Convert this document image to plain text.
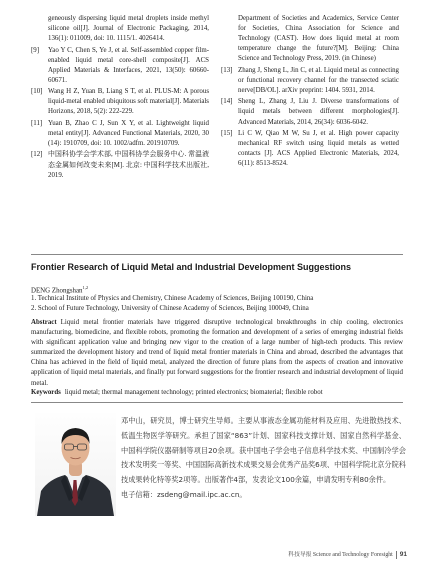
geneously dispersing liquid metal droplets inside methyl silicone oil[J]. Journal of Electronic Packaging, 2014, 136(1): 011009, doi: 10. 1115/1. 4026414.
[9]	Yao Y C, Chen S, Ye J, et al. Self-assembled copper film-enabled liquid metal core-shell composite[J]. ACS Applied Materials & Interfaces, 2021, 13(50): 60660-60671.
[10] Wang H Z, Yuan B, Liang S T, et al. PLUS-M: A porous liquid-metal enabled ubiquitous soft material[J]. Materials Horizons, 2018, 5(2): 222-229.
[11] Yuan B, Zhao C J, Sun X Y, et al. Lightweight liquid metal entity[J]. Advanced Functional Materials, 2020, 30 (14): 1910709, doi: 10. 1002/adfm. 201910709.
[12] 中国科协学会学术部, 中国科协学会服务中心. 常温液态金属如何改变未来[M]. 北京: 中国科学技术出版社, 2019.
Department of Societies and Academics, Service Center for Societies, China Association for Science and Technology (CAST). How does liquid metal at room temperature change the future?[M]. Beijing: China Science and Technology Press, 2019. (in Chinese)
[13] Zhang J, Sheng L, Jin C, et al. Liquid metal as connecting or functional recovery channel for the transected sciatic nerve[DB/OL]. arXiv preprint: 1404. 5931, 2014.
[14] Sheng L, Zhang J, Liu J. Diverse transformations of liquid metals between different morphologies[J]. Advanced Materials, 2014, 26(34): 6036-6042.
[15] Li C W, Qiao M W, Su J, et al. High power capacity mechanical RF switch using liquid metals as wetted contacts [J]. ACS Applied Electronic Materials, 2024, 6(11): 8513-8524.
Frontier Research of Liquid Metal and Industrial Development Suggestions
DENG Zhongshan$^{1,2}$
1. Technical Institute of Physics and Chemistry, Chinese Academy of Sciences, Beijing 100190, China
2. School of Future Technology, University of Chinese Academy of Sciences, Beijing 100049, China
Abstract Liquid metal frontier materials have triggered disruptive technological breakthroughs in chip cooling, electronics manufacturing, biomedicine, and flexible robots, promoting the formation and development of a series of emerging industrial fields with significant application value and bringing new vigor to the creation of a large number of high-tech products. This review summarized the development history and trend of liquid metal frontier materials in China and abroad, described the advantages that China has achieved in the field of liquid metal, analyzed the direction of future plans from the aspects of creation and innovative application of liquid metal materials, and finally put forward suggestions for the frontier research and industrial development of liquid metal.
Keywords liquid metal; thermal management technology; printed electronics; biomaterial; flexible robot
邓中山，研究员，博士研究生导师。主要从事液态金属功能材料及应用、先进散热技术、低温生物医学等研究。承担了国家“863”计划、国家科技支撑计划、国家自然科学基金、中国科学院仪器研制等项目20余项。获中国电子学会电子信息科学技术奖、中国制冷学会技术发明奖一等奖、中国国际高新技术成果交易会优秀产品奖6项、中国科学院北京分院科技成果转化特等奖2项等。出版著作4部，发表论文100余篇，申请发明专利80余件。
电子信箱：zsdeng@mail.ipc.ac.cn。
科技导报 Science and Technology Foresight 91
